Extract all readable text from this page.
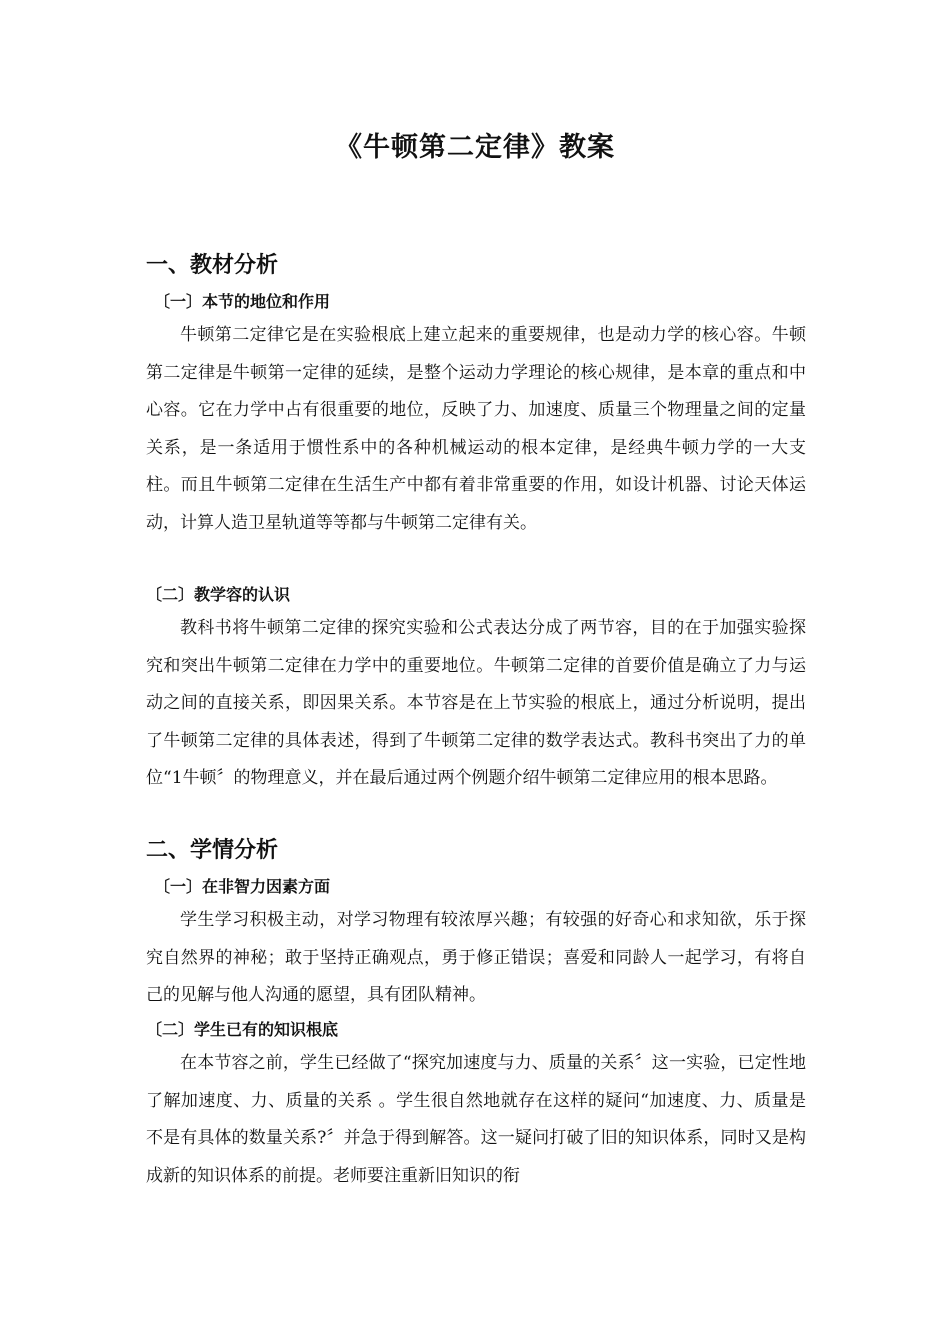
《牛顿第二定律》教案
一、教材分析
〔一〕本节的地位和作用

牛顿第二定律它是在实验根底上建立起来的重要规律，也是动力学的核心容。牛顿第二定律是牛顿第一定律的延续，是整个运动力学理论的核心规律，是本章的重点和中心容。它在力学中占有很重要的地位，反映了力、加速度、质量三个物理量之间的定量关系，是一条适用于惯性系中的各种机械运动的根本定律，是经典牛顿力学的一大支柱。而且牛顿第二定律在生活生产中都有着非常重要的作用，如设计机器、讨论天体运动，计算人造卫星轨道等等都与牛顿第二定律有关。

〔二〕教学容的认识

教科书将牛顿第二定律的探究实验和公式表达分成了两节容，目的在于加强实验探究和突出牛顿第二定律在力学中的重要地位。牛顿第二定律的首要价值是确立了力与运动之间的直接关系，即因果关系。本节容是在上节实验的根底上，通过分析说明，提出了牛顿第二定律的具体表述，得到了牛顿第二定律的数学表达式。教科书突出了力的单位“1牛顿〞的物理意义，并在最后通过两个例题介绍牛顿第二定律应用的根本思路。

二、学情分析
〔一〕在非智力因素方面

学生学习积极主动，对学习物理有较浓厚兴趣；有较强的好奇心和求知欲，乐于探究自然界的神秘；敢于坚持正确观点，勇于修正错误；喜爱和同龄人一起学习，有将自己的见解与他人沟通的愿望，具有团队精神。

〔二〕学生已有的知识根底

在本节容之前，学生已经做了“探究加速度与力、质量的关系〞这一实验，已定性地了解加速度、力、质量的关系 。学生很自然地就存在这样的疑问“加速度、力、质量是不是有具体的数量关系?〞并急于得到解答。这一疑问打破了旧的知识体系，同时又是构成新的知识体系的前提。老师要注重新旧知识的衔
